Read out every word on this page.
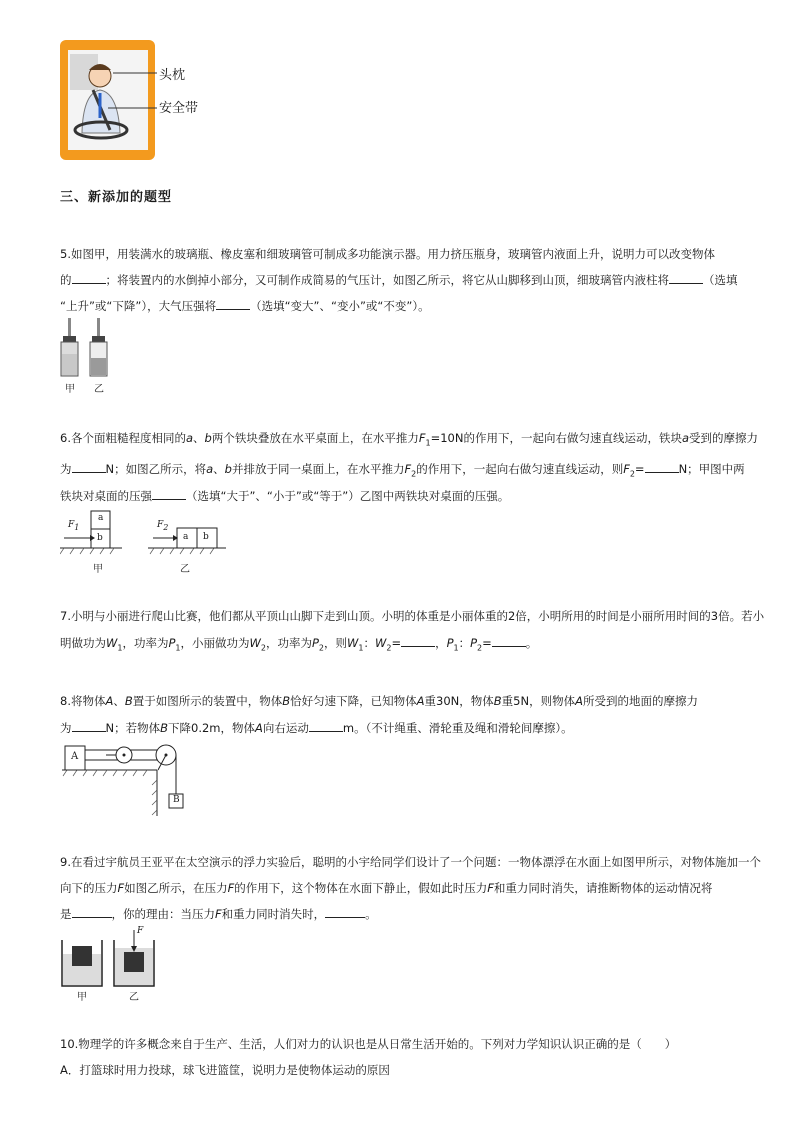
头枕
安全带
三、新添加的题型
5.如图甲，用装满水的玻璃瓶、橡皮塞和细玻璃管可制成多功能演示器。用力挤压瓶身，玻璃管内液面上升，说明力可以改变物体
的	；将装置内的水倒掉小部分，又可制作成简易的气压计，如图乙所示，将它从山脚移到山顶，细玻璃管内液柱将	（选填
“上升”或“下降”），大气压强将	（选填“变大”、“变小”或“不变”）。
甲 乙
6.各个面粗糙程度相同的a、b两个铁块叠放在水平桌面上，在水平推力$F_1=10N$的作用下，一起向右做匀速直线运动，铁块a受到的摩擦力
为	N；如图乙所示，将a、b并排放于同一桌面上，在水平推力$F_2$的作用下，一起向右做匀速直线运动，则$F_2=$	N；甲图中两
铁块对桌面的压强	（选填“大于”、“小于”或“等于”）乙图中两铁块对桌面的压强。
a
b
$F_1$	$F_2$
a b
甲	乙
7.小明与小丽进行爬山比赛，他们都从平顶山山脚下走到山顶。小明的体重是小丽体重的2倍，小明所用的时间是小丽所用时间的3倍。若小
明做功为$W_1$，功率为$P_1$，小丽做功为$W_2$，功率为$P_2$，则$W_1$：$W_2=$	，$P_1$：$P_2=$	。
8.将物体A、B置于如图所示的装置中，物体B恰好匀速下降，已知物体A重30N，物体B重5N，则物体A所受到的地面的摩擦力
为	N；若物体B下降0.2m，物体A向右运动	m。（不计绳重、滑轮重及绳和滑轮间摩擦）。
A
B
9.在看过宇航员王亚平在太空演示的浮力实验后，聪明的小宇给同学们设计了一个问题：一物体漂浮在水面上如图甲所示，对物体施加一个
向下的压力F如图乙所示，在压力F的作用下，这个物体在水面下静止，假如此时压力F和重力同时消失，请推断物体的运动情况将
是	，你的理由：当压力F和重力同时消失时，	。
F
甲	乙
10.物理学的许多概念来自于生产、生活，人们对力的认识也是从日常生活开始的。下列对力学知识认识正确的是（　　）
A．打篮球时用力投球，球飞进篮筐，说明力是使物体运动的原因
